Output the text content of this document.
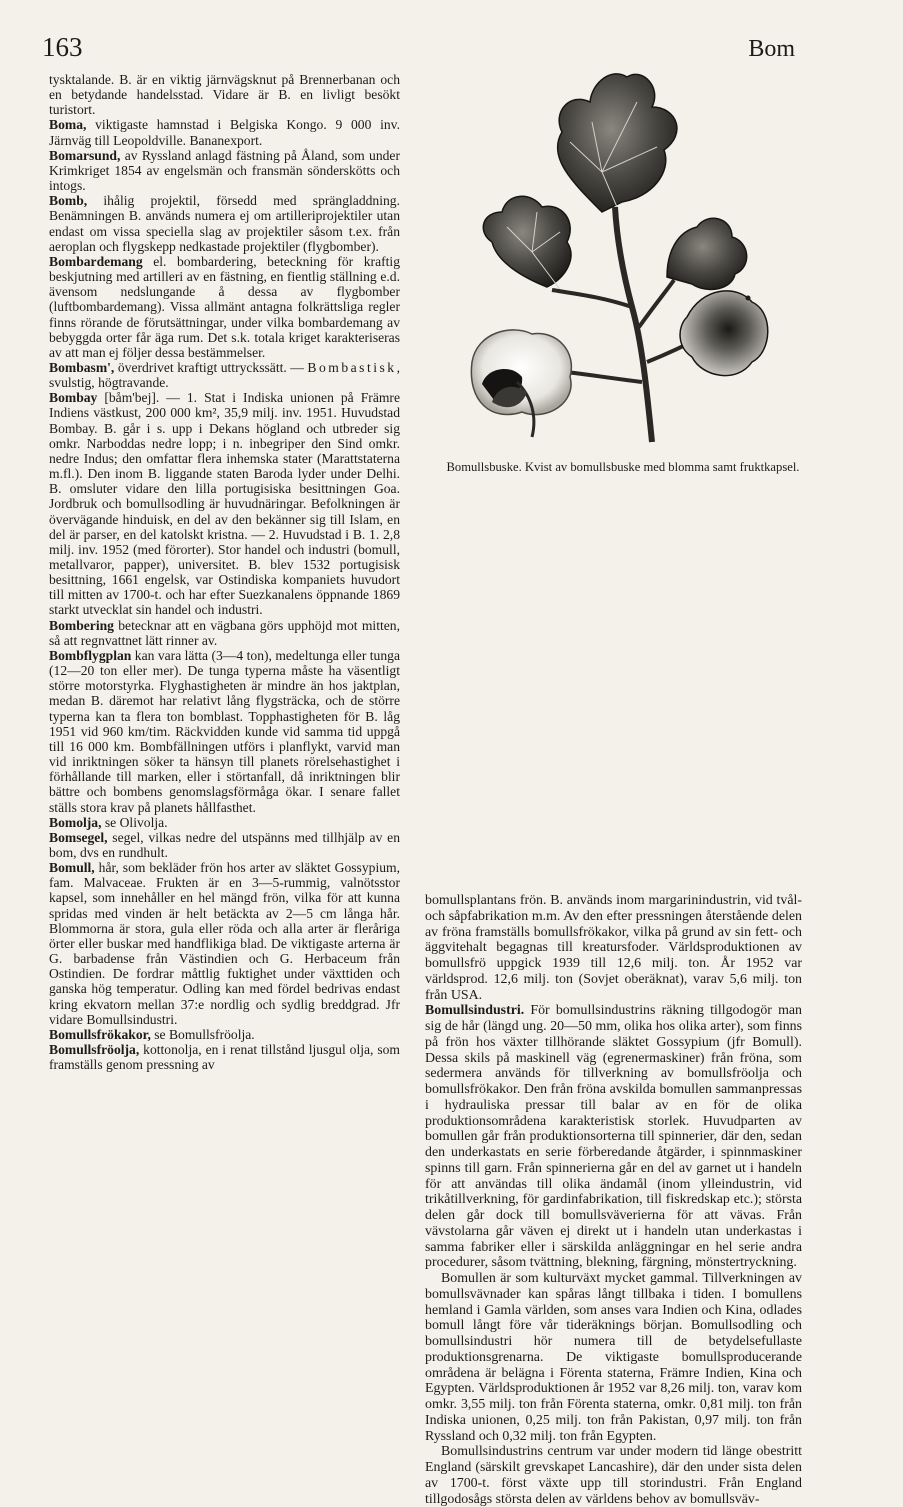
163	Bom

tysktalande. B. är en viktig järnvägsknut på Brennerbanan och en betydande handelsstad. Vidare är B. en livligt besökt turistort.

Boma, viktigaste hamnstad i Belgiska Kongo. 9 000 inv. Järnväg till Leopoldville. Bananexport.

Bomarsund, av Ryssland anlagd fästning på Åland, som under Krimkriget 1854 av engelsmän och fransmän sönderskötts och intogs.

Bomb, ihålig projektil, försedd med sprängladdning. Benämningen B. används numera ej om artilleriprojektiler utan endast om vissa speciella slag av projektiler såsom t.ex. från aeroplan och flygskepp nedkastade projektiler (flygbomber).

Bombardemang el. bombardering, beteckning för kraftig beskjutning med artilleri av en fästning, en fientlig ställning e.d. ävensom nedslungande å dessa av flygbomber (luftbombardemang). Vissa allmänt antagna folkrättsliga regler finns rörande de förutsättningar, under vilka bombardemang av bebyggda orter får äga rum. Det s.k. totala kriget karakteriseras av att man ej följer dessa bestämmelser.

Bombasm', överdrivet kraftigt uttryckssätt. — Bombastisk, svulstig, högtravande.

Bombay [båm'bej]. — 1. Stat i Indiska unionen på Främre Indiens västkust, 200 000 km², 35,9 milj. inv. 1951. Huvudstad Bombay. B. går i s. upp i Dekans högland och utbreder sig omkr. Narboddas nedre lopp; i n. inbegriper den Sind omkr. nedre Indus; den omfattar flera inhemska stater (Marattstaterna m.fl.). Den inom B. liggande staten Baroda lyder under Delhi. B. omsluter vidare den lilla portugisiska besittningen Goa. Jordbruk och bomullsodling är huvudnäringar. Befolkningen är övervägande hinduisk, en del av den bekänner sig till Islam, en del är parser, en del katolskt kristna. — 2. Huvudstad i B. 1. 2,8 milj. inv. 1952 (med förorter). Stor handel och industri (bomull, metallvaror, papper), universitet. B. blev 1532 portugisisk besittning, 1661 engelsk, var Ostindiska kompaniets huvudort till mitten av 1700-t. och har efter Suezkanalens öppnande 1869 starkt utvecklat sin handel och industri.

Bombering betecknar att en vägbana görs upphöjd mot mitten, så att regnvattnet lätt rinner av.

Bombflygplan kan vara lätta (3—4 ton), medeltunga eller tunga (12—20 ton eller mer). De tunga typerna måste ha väsentligt större motorstyrka. Flyghastigheten är mindre än hos jaktplan, medan B. däremot har relativt lång flygsträcka, och de större typerna kan ta flera ton bomblast. Topphastigheten för B. låg 1951 vid 960 km/tim. Räckvidden kunde vid samma tid uppgå till 16 000 km. Bombfällningen utförs i planflykt, varvid man vid inriktningen söker ta hänsyn till planets rörelsehastighet i förhållande till marken, eller i störtanfall, då inriktningen blir bättre och bombens genomslagsförmåga ökar. I senare fallet ställs stora krav på planets hållfasthet.

Bomolja, se Olivolja.

Bomsegel, segel, vilkas nedre del utspänns med tillhjälp av en bom, dvs en rundhult.

Bomull, hår, som bekläder frön hos arter av släktet Gossypium, fam. Malvaceae. Frukten är en 3—5-rummig, valnötsstor kapsel, som innehåller en hel mängd frön, vilka för att kunna spridas med vinden är helt betäckta av 2—5 cm långa hår. Blommorna är stora, gula eller röda och alla arter är fleråriga örter eller buskar med handflikiga blad. De viktigaste arterna är G. barbadense från Västindien och G. Herbaceum från Ostindien. De fordrar måttlig fuktighet under växttiden och ganska hög temperatur. Odling kan med fördel bedrivas endast kring ekvatorn mellan 37:e nordlig och sydlig breddgrad. Jfr vidare Bomullsindustri.

Bomullsfrökakor, se Bomullsfröolja.

Bomullsfröolja, kottonolja, en i renat tillstånd ljusgul olja, som framställs genom pressning av

Bomullsbuske. Kvist av bomullsbuske med blomma samt fruktkapsel.

bomullsplantans frön. B. används inom margarinindustrin, vid tvål- och såpfabrikation m.m. Av den efter pressningen återstående delen av fröna framställs bomullsfrökakor, vilka på grund av sin fett- och äggvitehalt begagnas till kreatursfoder. Världsproduktionen av bomullsfrö uppgick 1939 till 12,6 milj. ton. År 1952 var världsprod. 12,6 milj. ton (Sovjet oberäknat), varav 5,6 milj. ton från USA.

Bomullsindustri. För bomullsindustrins räkning tillgodogör man sig de hår (längd ung. 20—50 mm, olika hos olika arter), som finns på frön hos växter tillhörande släktet Gossypium (jfr Bomull). Dessa skils på maskinell väg (egrenermaskiner) från fröna, som sedermera används för tillverkning av bomullsfröolja och bomullsfrökakor. Den från fröna avskilda bomullen sammanpressas i hydrauliska pressar till balar av en för de olika produktionsområdena karakteristisk storlek. Huvudparten av bomullen går från produktionsorterna till spinnerier, där den, sedan den underkastats en serie förberedande åtgärder, i spinnmaskiner spinns till garn. Från spinnerierna går en del av garnet ut i handeln för att användas till olika ändamål (inom ylleindustrin, vid trikåtillverkning, för gardinfabrikation, till fiskredskap etc.); största delen går dock till bomullsväverierna för att vävas. Från vävstolarna går väven ej direkt ut i handeln utan underkastas i samma fabriker eller i särskilda anläggningar en hel serie andra procedurer, såsom tvättning, blekning, färgning, mönstertryckning.

Bomullen är som kulturväxt mycket gammal. Tillverkningen av bomullsvävnader kan spåras långt tillbaka i tiden. I bomullens hemland i Gamla världen, som anses vara Indien och Kina, odlades bomull långt före vår tideräknings början. Bomullsodling och bomullsindustri hör numera till de betydelsefullaste produktionsgrenarna. De viktigaste bomullsproducerande områdena är belägna i Förenta staterna, Främre Indien, Kina och Egypten. Världsproduktionen år 1952 var 8,26 milj. ton, varav kom omkr. 3,55 milj. ton från Förenta staterna, omkr. 0,81 milj. ton från Indiska unionen, 0,25 milj. ton från Pakistan, 0,97 milj. ton från Ryssland och 0,32 milj. ton från Egypten.

Bomullsindustrins centrum var under modern tid länge obestritt England (särskilt grevskapet Lancashire), där den under sista delen av 1700-t. först växte upp till storindustri. Från England tillgodosågs största delen av världens behov av bomullsväv-
